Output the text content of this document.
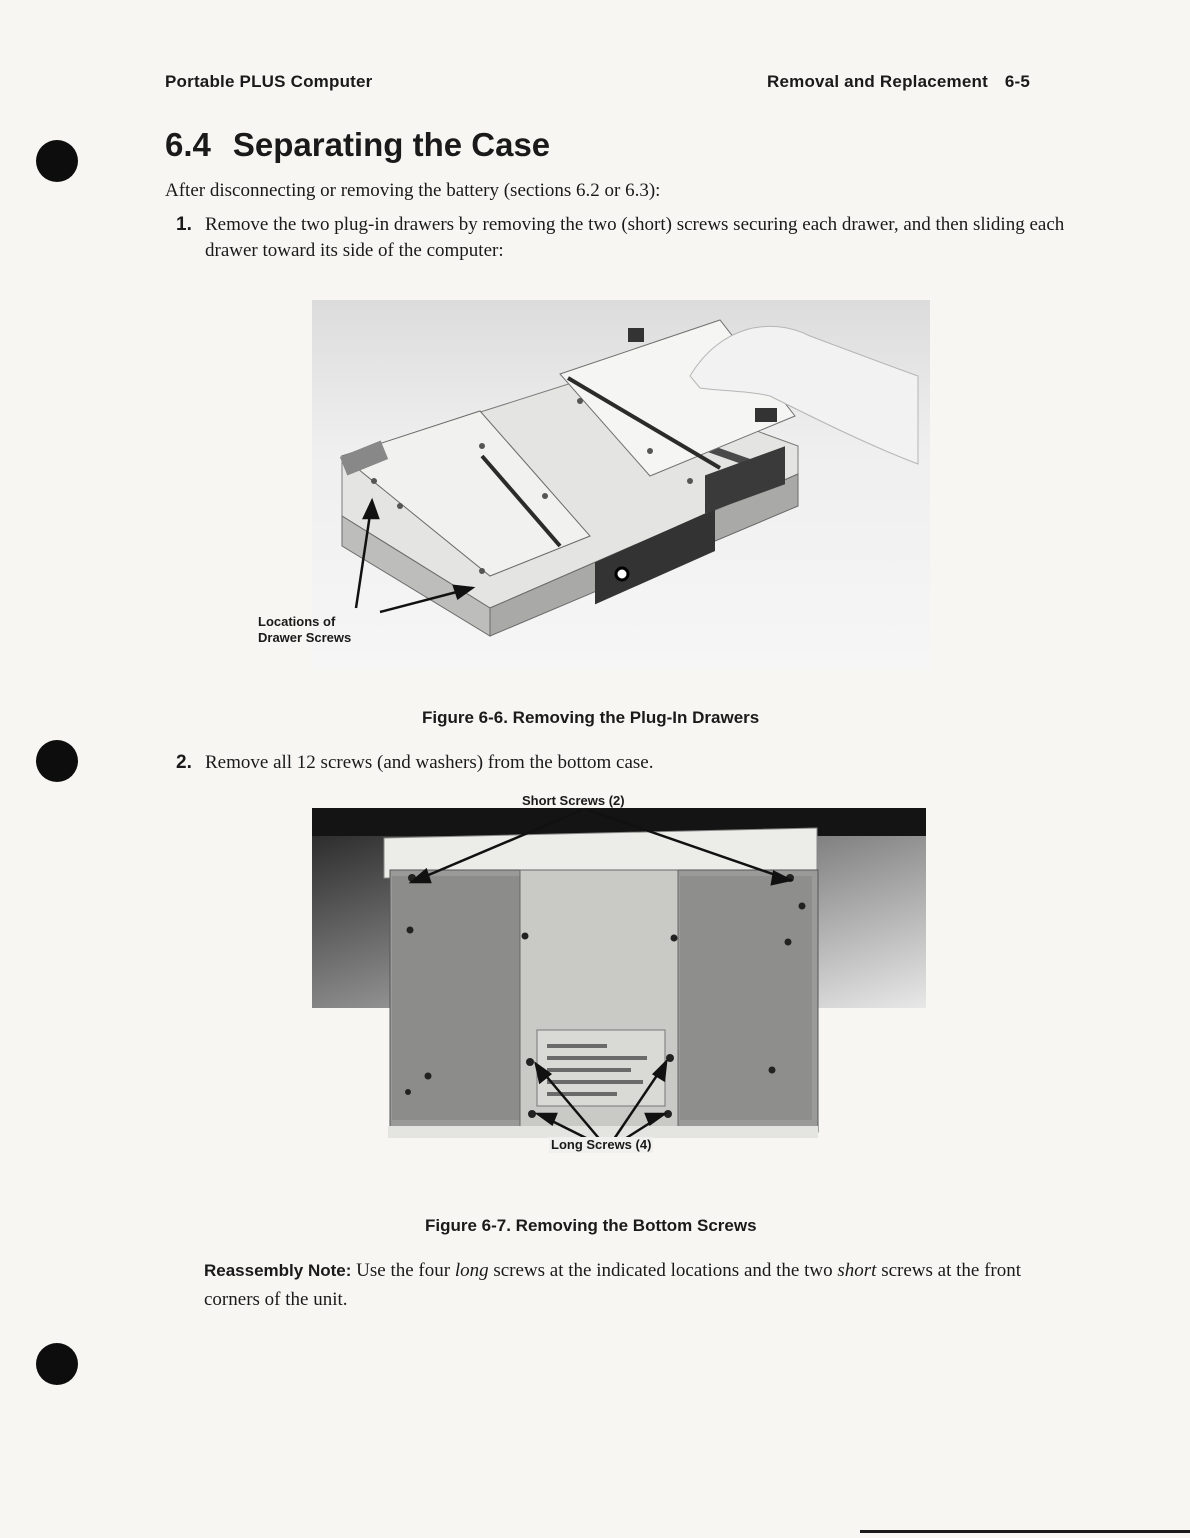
Portable PLUS Computer	Removal and Replacement 6-5
6.4 Separating the Case
After disconnecting or removing the battery (sections 6.2 or 6.3):
1. Remove the two plug-in drawers by removing the two (short) screws securing each drawer, and then sliding each drawer toward its side of the computer:
Locations of
Drawer Screws
Figure 6-6. Removing the Plug-In Drawers
2. Remove all 12 screws (and washers) from the bottom case.
Short Screws (2)
Long Screws (4)
Figure 6-7. Removing the Bottom Screws
Reassembly Note: Use the four long screws at the indicated locations and the two short screws at the front corners of the unit.
